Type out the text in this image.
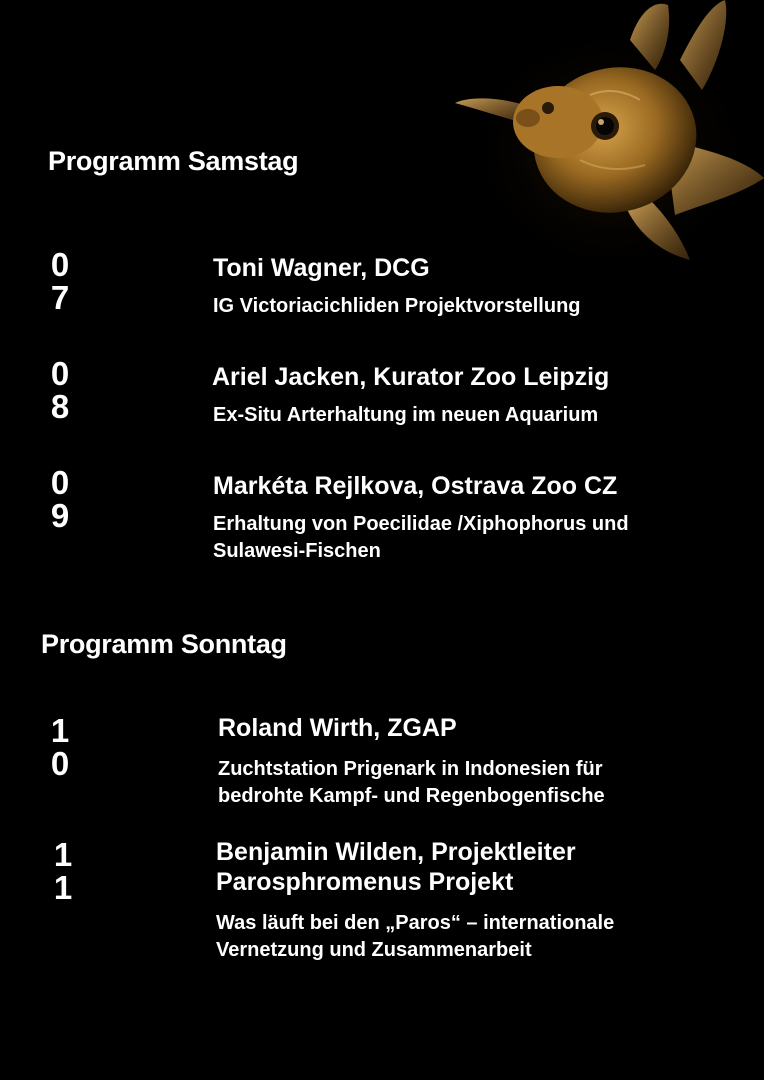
Programm Samstag
0
7
Toni Wagner, DCG
IG Victoriacichliden Projektvorstellung
0
8
Ariel Jacken, Kurator Zoo Leipzig
Ex-Situ Arterhaltung im neuen Aquarium
0
9
Markéta Rejlkova, Ostrava Zoo CZ
Erhaltung von Poecilidae /Xiphophorus und
Sulawesi-Fischen
Programm Sonntag
1
0
Roland Wirth, ZGAP
Zuchtstation Prigenark in Indonesien für
bedrohte Kampf- und Regenbogenfische
1
1
Benjamin Wilden, Projektleiter
Parosphromenus Projekt
Was läuft bei den „Paros“ – internationale
Vernetzung und Zusammenarbeit
